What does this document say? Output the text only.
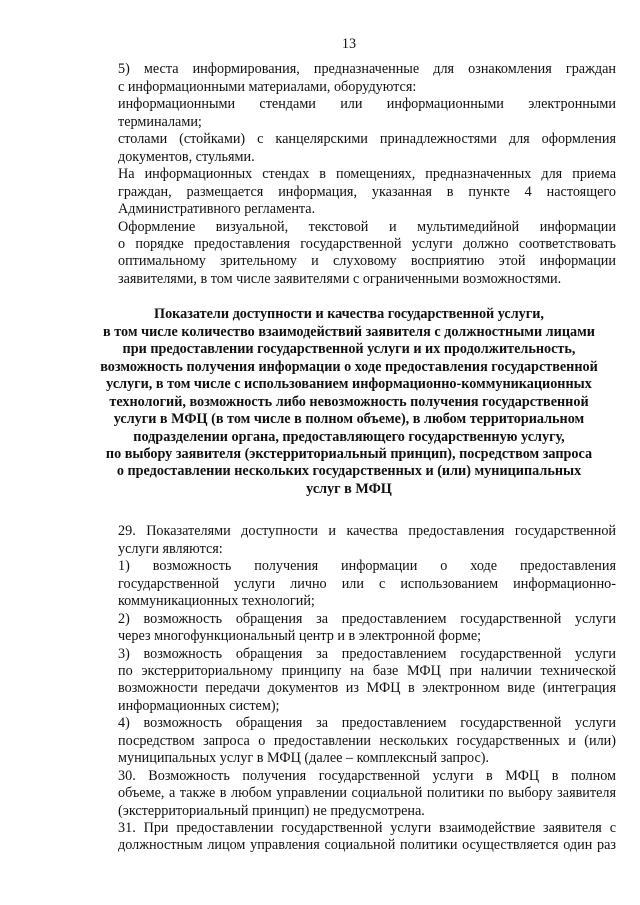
13

5) места информирования, предназначенные для ознакомления граждан
с информационными материалами, оборудуются:

информационными стендами или информационными электронными
терминалами;

столами (стойками) с канцелярскими принадлежностями для оформления
документов, стульями.

На информационных стендах в помещениях, предназначенных для приема
граждан, размещается информация, указанная в пункте 4 настоящего
Административного регламента.

Оформление визуальной, текстовой и мультимедийной информации
о порядке предоставления государственной услуги должно соответствовать
оптимальному зрительному и слуховому восприятию этой информации
заявителями, в том числе заявителями с ограниченными возможностями.

Показатели доступности и качества государственной услуги,
в том числе количество взаимодействий заявителя с должностными лицами
при предоставлении государственной услуги и их продолжительность,
возможность получения информации о ходе предоставления государственной
услуги, в том числе с использованием информационно-коммуникационных
технологий, возможность либо невозможность получения государственной
услуги в МФЦ (в том числе в полном объеме), в любом территориальном
подразделении органа, предоставляющего государственную услугу,
по выбору заявителя (экстерриториальный принцип), посредством запроса
о предоставлении нескольких государственных и (или) муниципальных
услуг в МФЦ

29. Показателями доступности и качества предоставления государственной
услуги являются:

1) возможность получения информации о ходе предоставления
государственной услуги лично или с использованием информационно-
коммуникационных технологий;

2) возможность обращения за предоставлением государственной услуги
через многофункциональный центр и в электронной форме;

3) возможность обращения за предоставлением государственной услуги
по экстерриториальному принципу на базе МФЦ при наличии технической
возможности передачи документов из МФЦ в электронном виде (интеграция
информационных систем);

4) возможность обращения за предоставлением государственной услуги
посредством запроса о предоставлении нескольких государственных и (или)
муниципальных услуг в МФЦ (далее – комплексный запрос).

30. Возможность получения государственной услуги в МФЦ в полном
объеме, а также в любом управлении социальной политики по выбору заявителя
(экстерриториальный принцип) не предусмотрена.

31. При предоставлении государственной услуги взаимодействие заявителя с
должностным лицом управления социальной политики осуществляется один раз
